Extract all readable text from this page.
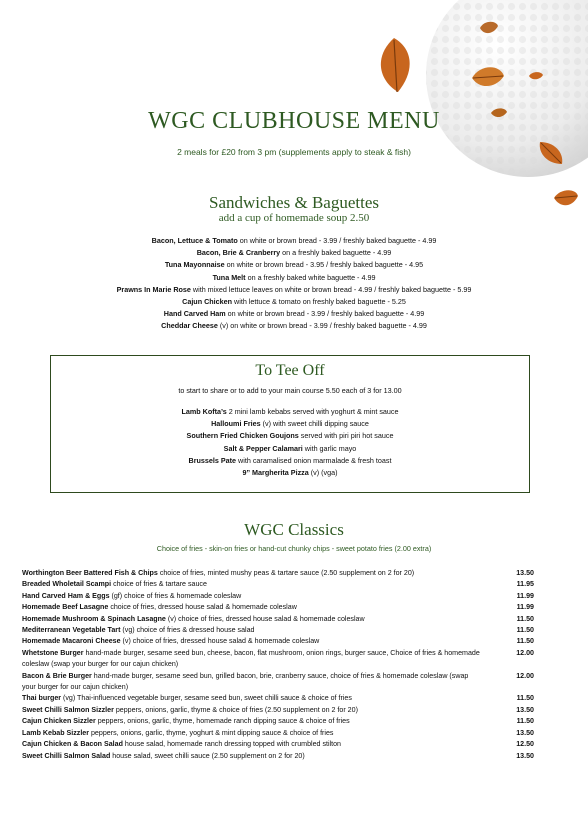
WGC CLUBHOUSE MENU
2 meals for £20 from 3 pm (supplements apply to steak & fish)
Sandwiches & Baguettes
add a cup of homemade soup 2.50
Bacon, Lettuce & Tomato on white or brown bread - 3.99 / freshly baked baguette - 4.99
Bacon, Brie & Cranberry on a freshly baked baguette - 4.99
Tuna Mayonnaise on white or brown bread - 3.95 / freshly baked baguette - 4.95
Tuna Melt on a freshly baked white baguette - 4.99
Prawns In Marie Rose with mixed lettuce leaves on white or brown bread - 4.99 / freshly baked baguette - 5.99
Cajun Chicken with lettuce & tomato on freshly baked baguette - 5.25
Hand Carved Ham on white or brown bread - 3.99 / freshly baked baguette - 4.99
Cheddar Cheese (v) on white or brown bread - 3.99 / freshly baked baguette - 4.99
To Tee Off
to start to share or to add to your main course 5.50 each of 3 for 13.00
Lamb Kofta’s 2 mini lamb kebabs served with yoghurt & mint sauce
Halloumi Fries (v) with sweet chilli dipping sauce
Southern Fried Chicken Goujons served with piri piri hot sauce
Salt & Pepper Calamari with garlic mayo
Brussels Pate with caramalised onion marmalade & fresh toast
9” Margherita Pizza (v) (vga)
WGC Classics
Choice of fries - skin-on fries or hand-cut chunky chips - sweet potato fries (2.00 extra)
Worthington Beer Battered Fish & Chips choice of fries, minted mushy peas & tartare sauce (2.50 supplement on 2 for 20)	13.50
Breaded Wholetail Scampi choice of fries & tartare sauce	11.95
Hand Carved Ham & Eggs (gf) choice of fries & homemade coleslaw	11.99
Homemade Beef Lasagne choice of fries, dressed house salad & homemade coleslaw	11.99
Homemade Mushroom & Spinach Lasagne (v) choice of fries, dressed house salad & homemade coleslaw	11.50
Mediterranean Vegetable Tart (vg) choice of fries & dressed house salad	11.50
Homemade Macaroni Cheese (v) choice of fries, dressed house salad & homemade coleslaw	11.50
Whetstone Burger hand-made burger, sesame seed bun, cheese, bacon, flat mushroom, onion rings, burger sauce, Choice of fries & homemade coleslaw (swap your burger for our cajun chicken)
12.00
Bacon & Brie Burger hand-made burger, sesame seed bun, grilled bacon, brie, cranberry sauce, choice of fries & homemade coleslaw (swap your burger for our cajun chicken)
12.00
Thai burger (vg) Thai-influenced vegetable burger, sesame seed bun, sweet chilli sauce & choice of fries	11.50
Sweet Chilli Salmon Sizzler peppers, onions, garlic, thyme & choice of fries (2.50 supplement on 2 for 20)	13.50
Cajun Chicken Sizzler peppers, onions, garlic, thyme, homemade ranch dipping sauce & choice of fries	11.50
Lamb Kebab Sizzler peppers, onions, garlic, thyme, yoghurt & mint dipping sauce & choice of fries	13.50
Cajun Chicken & Bacon Salad house salad, homemade ranch dressing topped with crumbled stilton	12.50
Sweet Chilli Salmon Salad house salad, sweet chilli sauce (2.50 supplement on 2 for 20)	13.50
